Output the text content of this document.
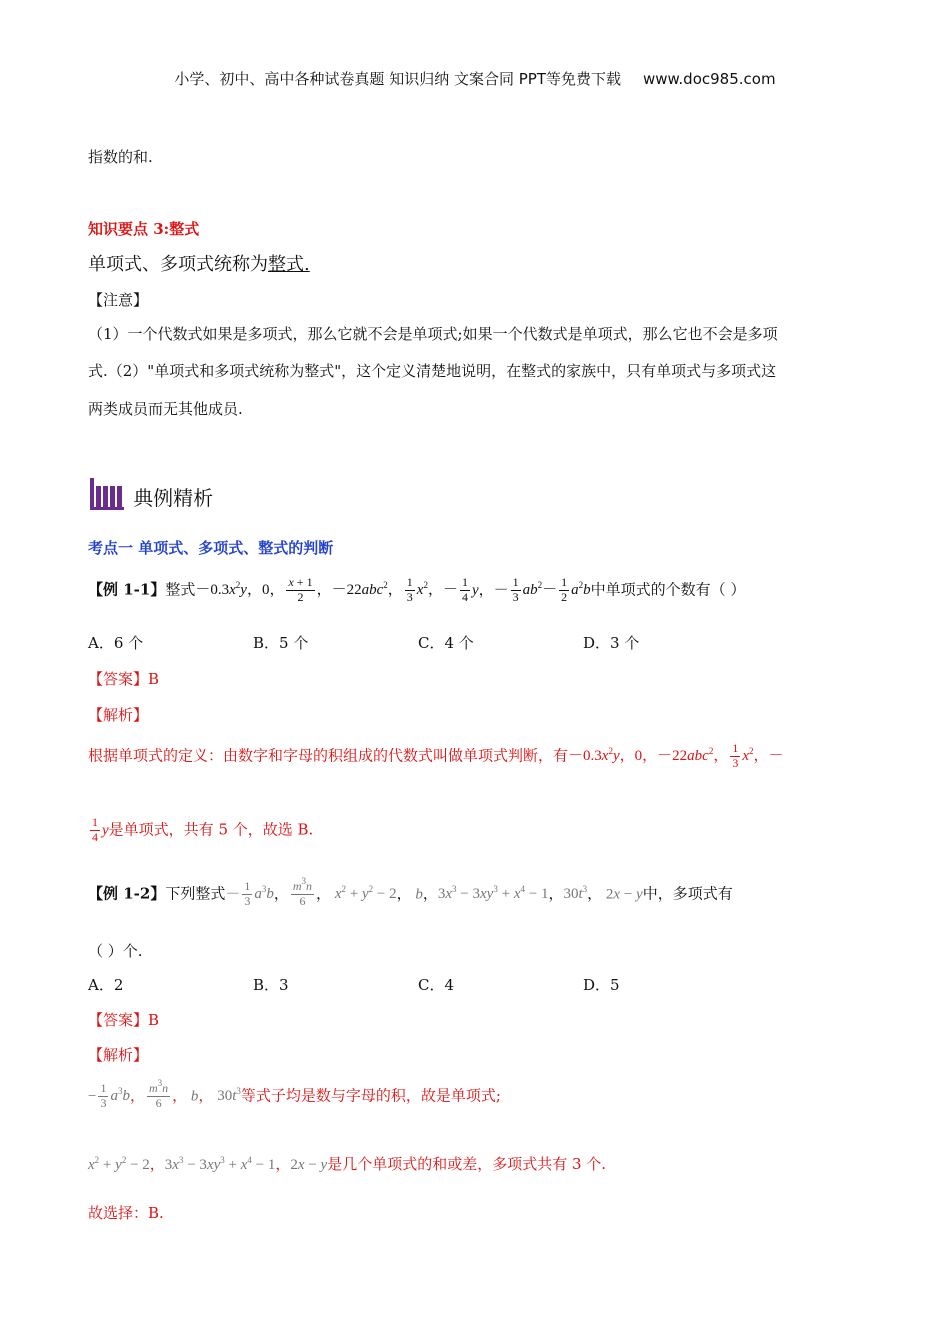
小学、初中、高中各种试卷真题 知识归纳 文案合同 PPT等免费下载 www.doc985.com
指数的和.
知识要点 3:整式
单项式、多项式统称为整式.
【注意】
（1）一个代数式如果是多项式，那么它就不会是单项式;如果一个代数式是单项式，那么它也不会是多项
式.（2）"单项式和多项式统称为整式"，这个定义清楚地说明，在整式的家族中，只有单项式与多项式这
两类成员而无其他成员.
典例精析
考点一 单项式、多项式、整式的判断
【例 1-1】整式$-0.3x^2y$，0， $\frac{x + 1}{2}$ ，－22abc$^2$， $\frac{1}{3} x^2$，－ $\frac{1}{4}$ y，－ $\frac{1}{3} ab^2- \frac{1}{2} a^2b$中单项式的个数有（ ）
A．6 个	B．5 个	C．4 个	D．3 个
【答案】B
【解析】
根据单项式的定义：由数字和字母的积组成的代数式叫做单项式判断，有$-0.3x^2y$，0，－22abc$^2$， $\frac{1}{3} x^2$，－
$\frac{1}{4}$ y是单项式，共有 5 个，故选 B.
【例 1-2】下列整式－ $\frac{1}{3} a^3b$， $\frac{m^3n}{6}$ ， $x^2 + y^2 - 2$， b，$3x^3 - 3xy^3 + x^4 - 1$，$30t^3$， 2x − y中，多项式有
（ ）个.
A．2	B．3	C．4	D．5
【答案】B
【解析】
− $\frac{1}{3} a^3b$， $\frac{m^3n}{6}$ ， b， $30t^3$等式子均是数与字母的积，故是单项式;
$x^2 + y^2 - 2$，$3x^3 - 3xy^3 + x^4 - 1$，2x − y是几个单项式的和或差，多项式共有 3 个.
故选择：B.
